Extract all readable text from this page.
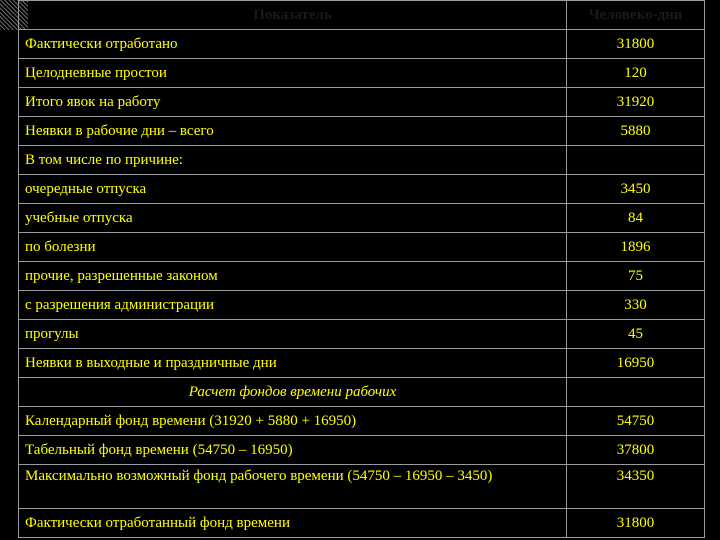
Показатель	Человеко-дни
Фактически отработано	31800
Целодневные простои	120
Итого явок на работу	31920
Неявки в рабочие дни – всего	5880
В том числе по причине:	
очередные отпуска	3450
учебные отпуска	84
по болезни	1896
прочие, разрешенные законом	75
с разрешения администрации	330
прогулы	45
Неявки в выходные и праздничные дни	16950
Расчет фондов времени рабочих	
Календарный фонд времени (31920 + 5880 + 16950)	54750
Табельный фонд времени (54750 – 16950)	37800
Максимально возможный фонд рабочего времени (54750 – 16950 – 3450)	34350
Фактически отработанный фонд времени	31800
